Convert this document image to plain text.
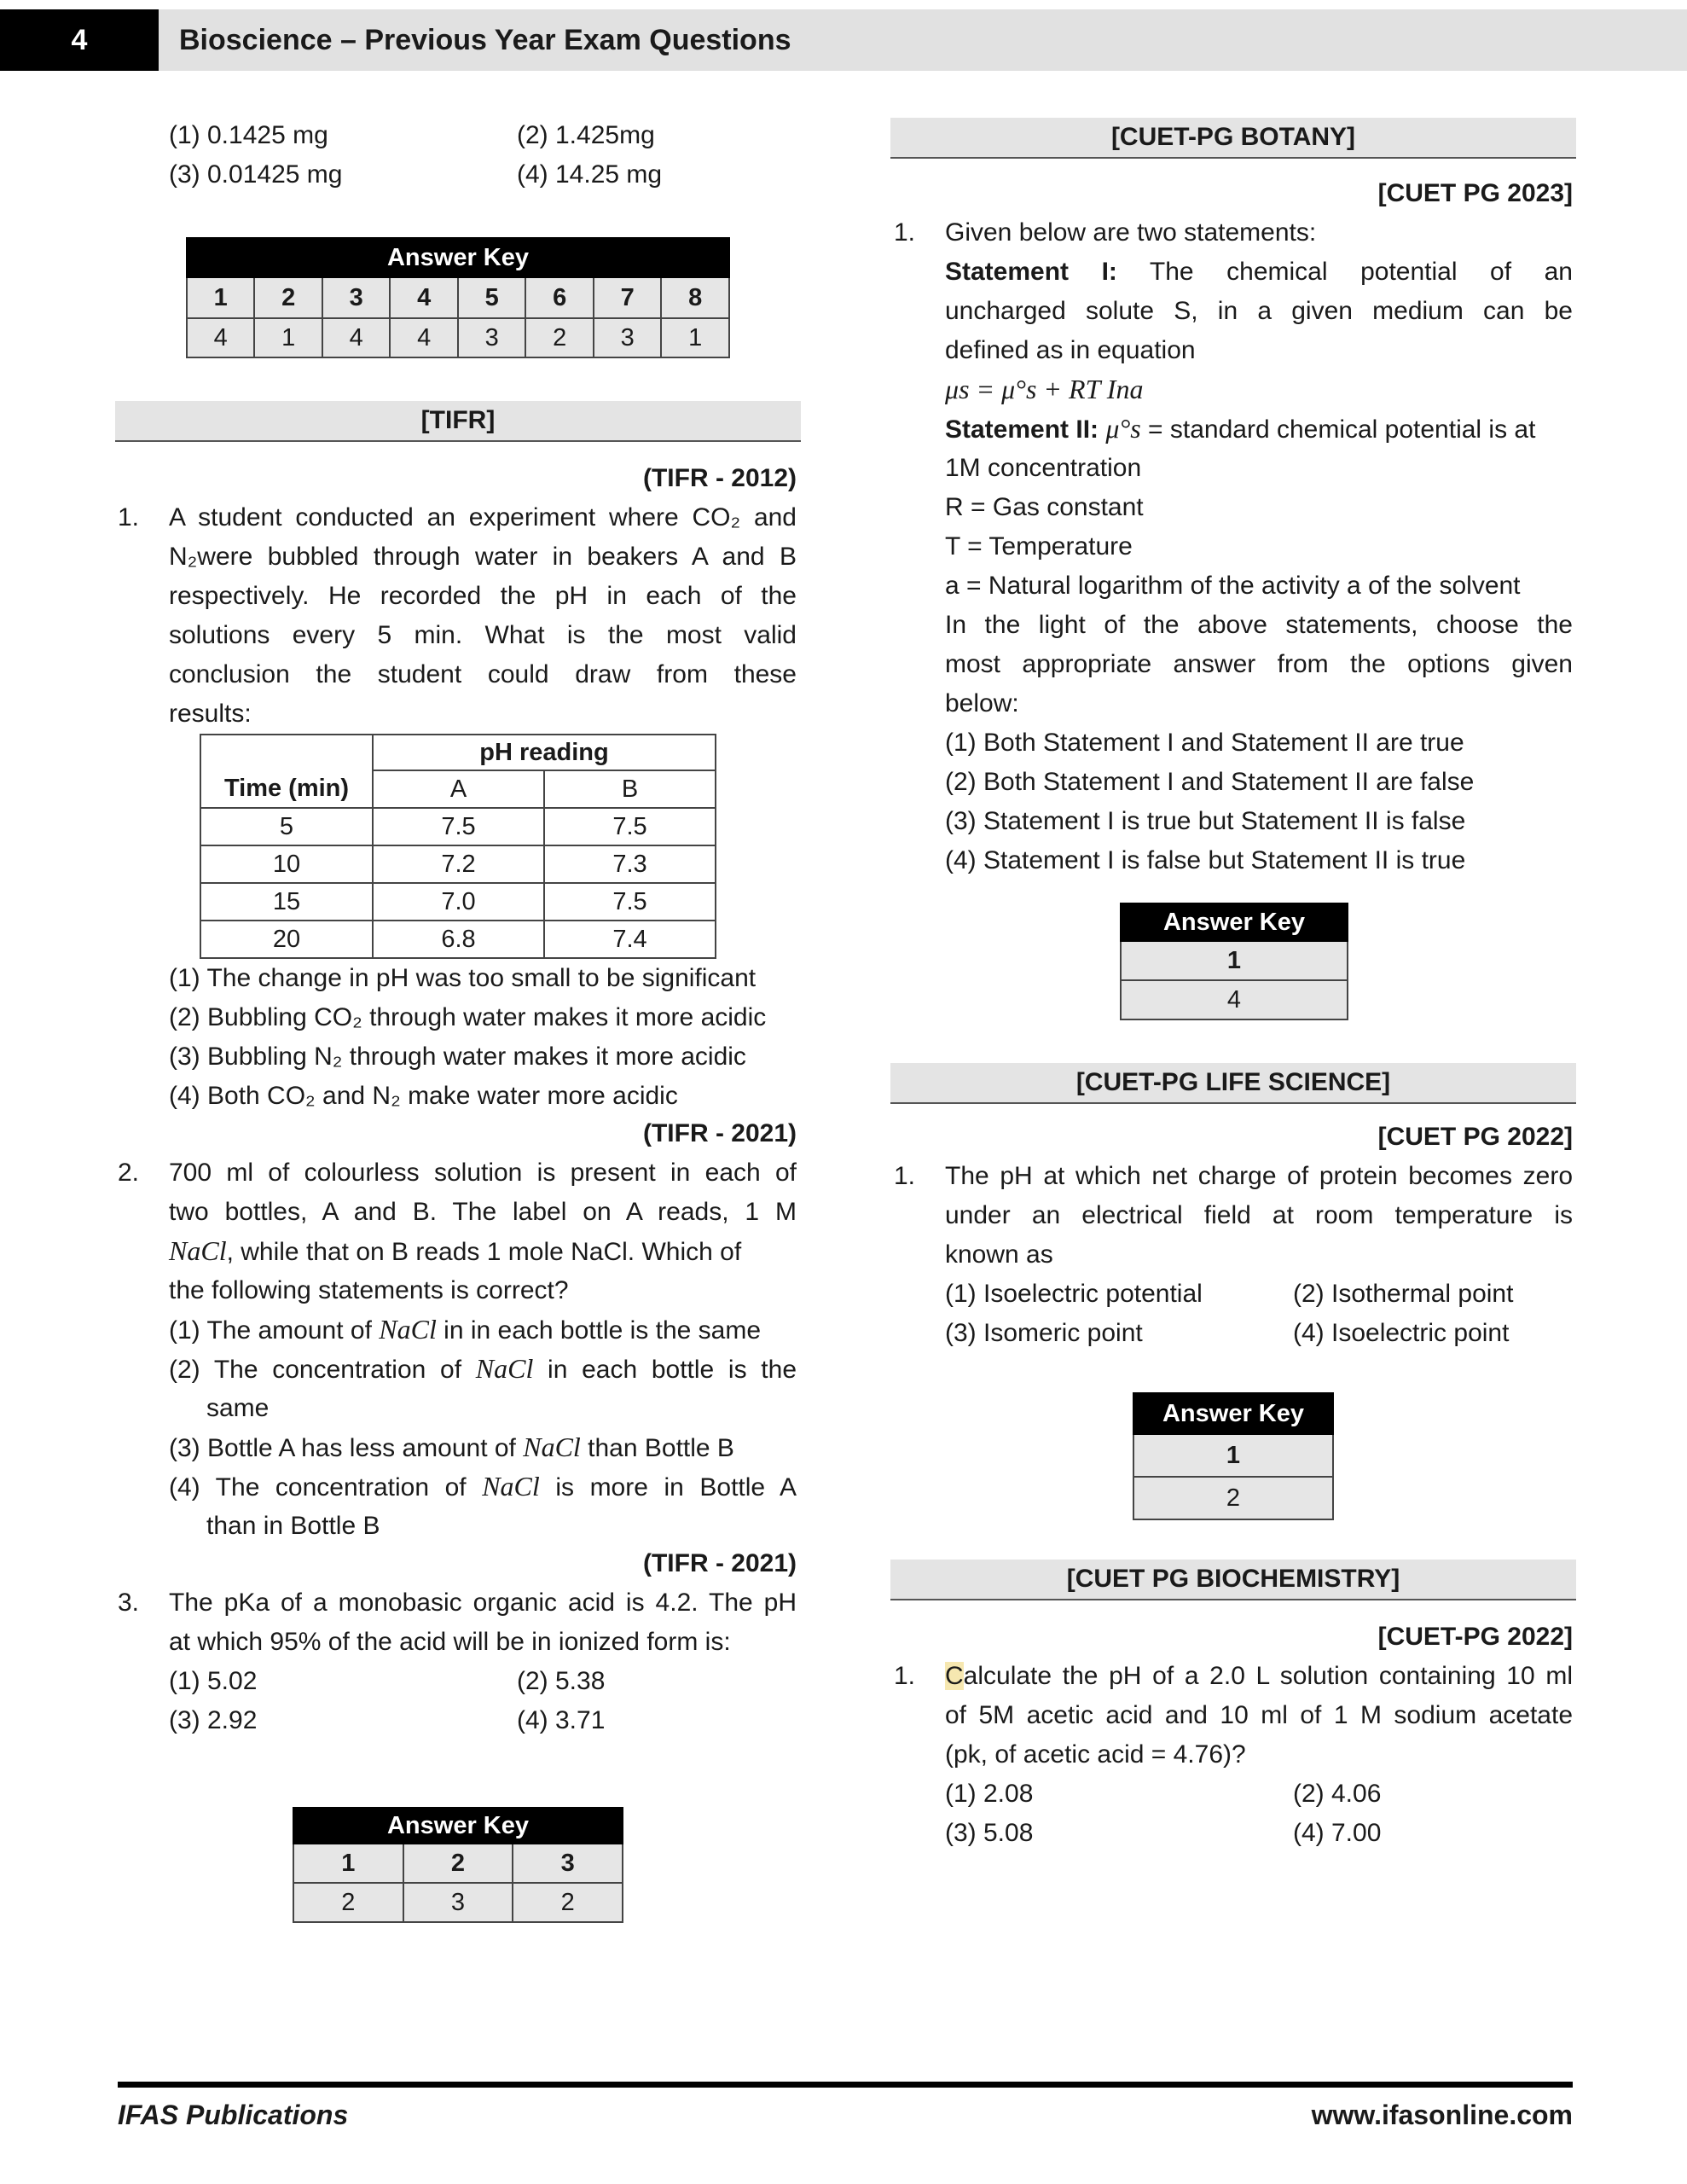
4	Bioscience – Previous Year Exam Questions
(1) 0.1425 mg	(2) 1.425mg
(3) 0.01425 mg	(4) 14.25 mg
Answer Key							
1	2	3	4	5	6	7	8
4	1	4	4	3	2	3	1
[TIFR]
(TIFR - 2012)
1. A student conducted an experiment where CO₂ and
N₂were bubbled through water in beakers A and B
respectively. He recorded the pH in each of the
solutions every 5 min. What is the most valid
conclusion the student could draw from these
results:
	pH reading	
Time (min)	A	B
5	7.5	7.5
10	7.2	7.3
15	7.0	7.5
20	6.8	7.4
(1) The change in pH was too small to be significant
(2) Bubbling CO₂ through water makes it more acidic
(3) Bubbling N₂ through water makes it more acidic
(4) Both CO₂ and N₂ make water more acidic
(TIFR - 2021)
2. 700 ml of colourless solution is present in each of
two bottles, A and B. The label on A reads, 1 M
NaCl, while that on B reads 1 mole NaCl. Which of
the following statements is correct?
(1) The amount of NaCl in in each bottle is the same
(2) The concentration of NaCl in each bottle is the
same
(3) Bottle A has less amount of NaCl than Bottle B
(4) The concentration of NaCl is more in Bottle A
than in Bottle B
(TIFR - 2021)
3. The pKa of a monobasic organic acid is 4.2. The pH
at which 95% of the acid will be in ionized form is:
(1) 5.02	(2) 5.38
(3) 2.92	(4) 3.71
Answer Key		
1	2	3
2	3	2
[CUET-PG BOTANY]
[CUET PG 2023]
1. Given below are two statements:
Statement I: The chemical potential of an
uncharged solute S, in a given medium can be
defined as in equation
μs = μ°s + RT Ina
Statement II: μ°s = standard chemical potential is at
1M concentration
R = Gas constant
T = Temperature
a = Natural logarithm of the activity a of the solvent
In the light of the above statements, choose the
most appropriate answer from the options given
below:
(1) Both Statement I and Statement II are true
(2) Both Statement I and Statement II are false
(3) Statement I is true but Statement II is false
(4) Statement I is false but Statement II is true
Answer Key
1
4
[CUET-PG LIFE SCIENCE]
[CUET PG 2022]
1. The pH at which net charge of protein becomes zero
under an electrical field at room temperature is
known as
(1) Isoelectric potential	(2) Isothermal point
(3) Isomeric point	(4) Isoelectric point
Answer Key
1
2
[CUET PG BIOCHEMISTRY]
[CUET-PG 2022]
1. Calculate the pH of a 2.0 L solution containing 10 ml
of 5M acetic acid and 10 ml of 1 M sodium acetate
(pk, of acetic acid = 4.76)?
(1) 2.08	(2) 4.06
(3) 5.08	(4) 7.00
IFAS Publications	www.ifasonline.com
